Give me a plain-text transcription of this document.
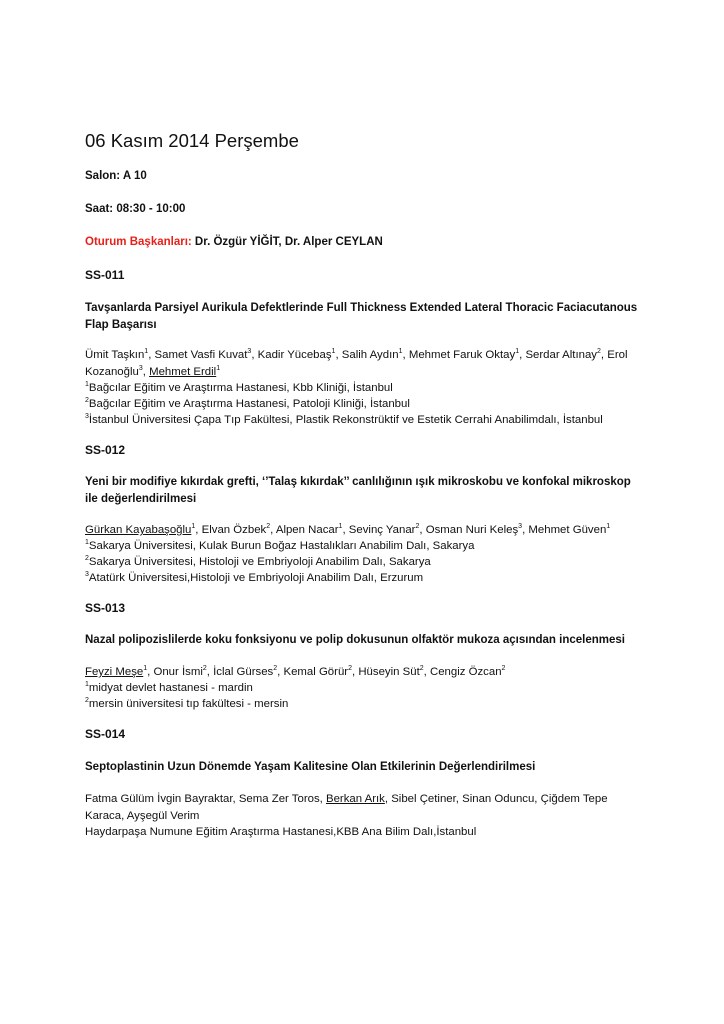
06 Kasım 2014 Perşembe
Salon: A 10
Saat: 08:30 - 10:00
Oturum Başkanları: Dr. Özgür YİĞİT, Dr. Alper CEYLAN
SS-011
Tavşanlarda Parsiyel Aurikula Defektlerinde Full Thickness Extended Lateral Thoracic Faciacutanous Flap Başarısı
Ümit Taşkın$^1$, Samet Vasfi Kuvat$^3$, Kadir Yücebaş$^1$, Salih Aydın$^1$, Mehmet Faruk Oktay$^1$, Serdar Altınay$^2$, Erol Kozanoğlu$^3$, Mehmet Erdil$^1$
$^1$Bağcılar Eğitim ve Araştırma Hastanesi, Kbb Kliniği, İstanbul
$^2$Bağcılar Eğitim ve Araştırma Hastanesi, Patoloji Kliniği, İstanbul
$^3$İstanbul Üniversitesi Çapa Tıp Fakültesi, Plastik Rekonstrüktif ve Estetik Cerrahi Anabilimdalı, İstanbul
SS-012
Yeni bir modifiye kıkırdak grefti, ‘’Talaş kıkırdak’’ canlılığının ışık mikroskobu ve konfokal mikroskop ile değerlendirilmesi
Gürkan Kayabaşoğlu$^1$, Elvan Özbek$^2$, Alpen Nacar$^1$, Sevinç Yanar$^2$, Osman Nuri Keleş$^3$, Mehmet Güven$^1$
$^1$Sakarya Üniversitesi, Kulak Burun Boğaz Hastalıkları Anabilim Dalı, Sakarya
$^2$Sakarya Üniversitesi, Histoloji ve Embriyoloji Anabilim Dalı, Sakarya
$^3$Atatürk Üniversitesi,Histoloji ve Embriyoloji Anabilim Dalı, Erzurum
SS-013
Nazal polipozislilerde koku fonksiyonu ve polip dokusunun olfaktör mukoza açısından incelenmesi
Feyzi Meşe$^1$, Onur İsmi$^2$, İclal Gürses$^2$, Kemal Görür$^2$, Hüseyin Süt$^2$, Cengiz Özcan$^2$
$^1$midyat devlet hastanesi - mardin
$^2$mersin üniversitesi tıp fakültesi - mersin
SS-014
Septoplastinin Uzun Dönemde Yaşam Kalitesine Olan Etkilerinin Değerlendirilmesi
Fatma Gülüm İvgin Bayraktar, Sema Zer Toros, Berkan Arık, Sibel Çetiner, Sinan Oduncu, Çiğdem Tepe Karaca, Ayşegül Verim
Haydarpaşa Numune Eğitim Araştırma Hastanesi,KBB Ana Bilim Dalı,İstanbul
